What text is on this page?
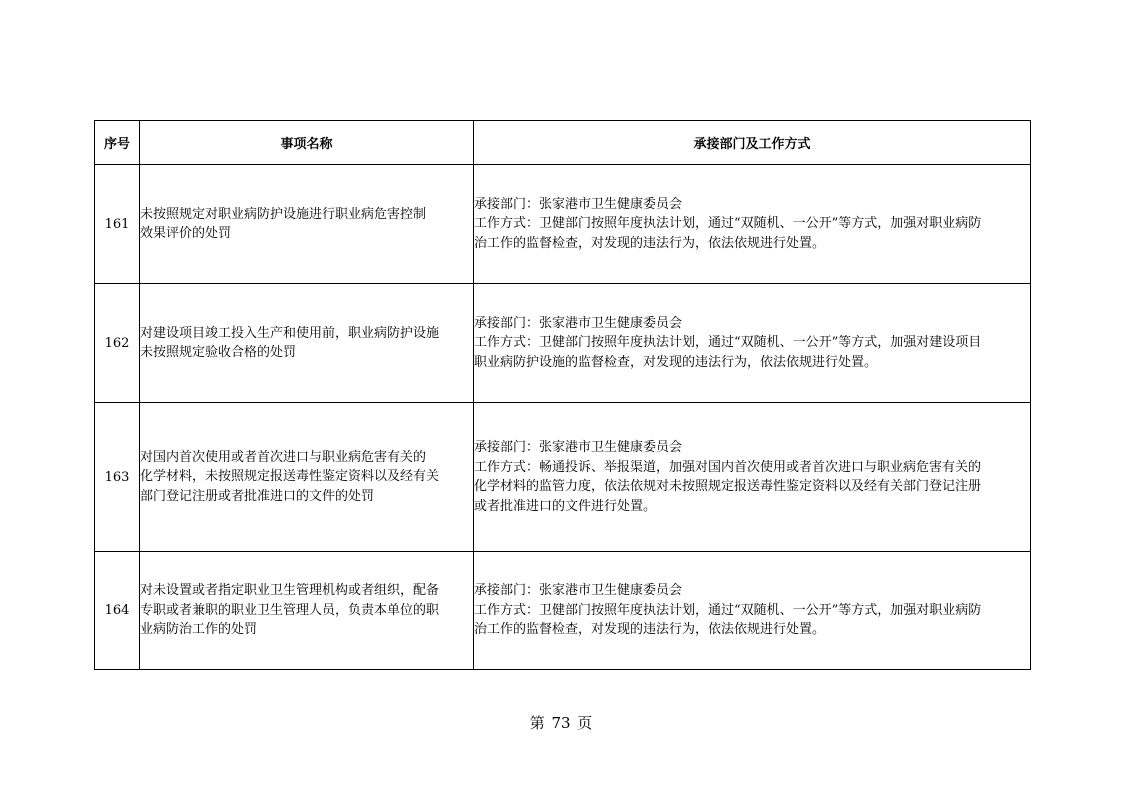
序号	事项名称	承接部门及工作方式
161	未按照规定对职业病防护设施进行职业病危害控制
效果评价的处罚	承接部门：张家港市卫生健康委员会
工作方式：卫健部门按照年度执法计划，通过“双随机、一公开”等方式，加强对职业病防
治工作的监督检查，对发现的违法行为，依法依规进行处置。

162	对建设项目竣工投入生产和使用前，职业病防护设施
未按照规定验收合格的处罚	承接部门：张家港市卫生健康委员会
工作方式：卫健部门按照年度执法计划，通过“双随机、一公开”等方式，加强对建设项目
职业病防护设施的监督检查，对发现的违法行为，依法依规进行处置。

163	对国内首次使用或者首次进口与职业病危害有关的
化学材料，未按照规定报送毒性鉴定资料以及经有关
部门登记注册或者批准进口的文件的处罚	承接部门：张家港市卫生健康委员会
工作方式：畅通投诉、举报渠道，加强对国内首次使用或者首次进口与职业病危害有关的
化学材料的监管力度，依法依规对未按照规定报送毒性鉴定资料以及经有关部门登记注册
或者批准进口的文件进行处置。

164	对未设置或者指定职业卫生管理机构或者组织，配备
专职或者兼职的职业卫生管理人员，负责本单位的职
业病防治工作的处罚	承接部门：张家港市卫生健康委员会
工作方式：卫健部门按照年度执法计划，通过“双随机、一公开”等方式，加强对职业病防
治工作的监督检查，对发现的违法行为，依法依规进行处置。
第 73 页
